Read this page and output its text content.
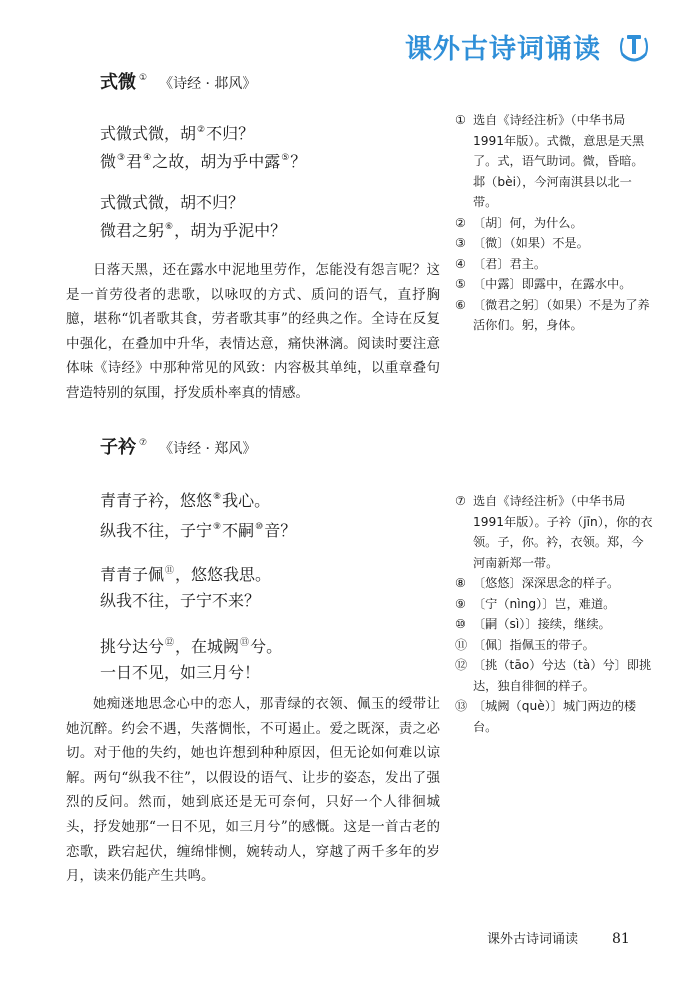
课外古诗词诵读
式微 ① 《诗经 · 邶风》
式微式微，胡②不归？
微③君④之故，胡为乎中露⑤？
式微式微，胡不归？
微君之躬⑥，胡为乎泥中？
日落天黑，还在露水中泥地里劳作，怎能没有怨言呢？这是一首劳役者的悲歌，以咏叹的方式、质问的语气，直抒胸臆，堪称“饥者歌其食，劳者歌其事”的经典之作。全诗在反复中强化，在叠加中升华，表情达意，痛快淋漓。阅读时要注意体味《诗经》中那种常见的风致：内容极其单纯，以重章叠句营造特别的氛围，抒发质朴率真的情感。
① 选自《诗经注析》（中华书局1991年版）。式微，意思是天黑了。式，语气助词。微，昏暗。邶（bèi），今河南淇县以北一带。
② 〔胡〕何，为什么。
③ 〔微〕（如果）不是。
④ 〔君〕君主。
⑤ 〔中露〕即露中，在露水中。
⑥ 〔微君之躬〕（如果）不是为了养活你们。躬，身体。
子衿 ⑦ 《诗经 · 郑风》
青青子衿，悠悠⑧我心。
纵我不往，子宁⑨不嗣⑩音？
青青子佩⑪，悠悠我思。
纵我不往，子宁不来？
挑兮达兮⑫，在城阙⑬兮。
一日不见，如三月兮！
她痴迷地思念心中的恋人，那青绿的衣领、佩玉的绶带让她沉醉。约会不遇，失落惆怅，不可遏止。爱之既深，责之必切。对于他的失约，她也许想到种种原因，但无论如何难以谅解。两句“纵我不往”，以假设的语气、让步的姿态，发出了强烈的反问。然而，她到底还是无可奈何，只好一个人徘徊城头，抒发她那“一日不见，如三月兮”的感慨。这是一首古老的恋歌，跌宕起伏，缠绵悱恻，婉转动人，穿越了两千多年的岁月，读来仍能产生共鸣。
⑦ 选自《诗经注析》（中华书局1991年版）。子衿（jīn），你的衣领。子，你。衿，衣领。郑，今河南新郑一带。
⑧ 〔悠悠〕深深思念的样子。
⑨ 〔宁（nìng）〕岂，难道。
⑩ 〔嗣（sì）〕接续，继续。
⑪ 〔佩〕指佩玉的带子。
⑫ 〔挑（tāo）兮达（tà）兮〕即挑达，独自徘徊的样子。
⑬ 〔城阙（què）〕城门两边的楼台。
课外古诗词诵读 81
